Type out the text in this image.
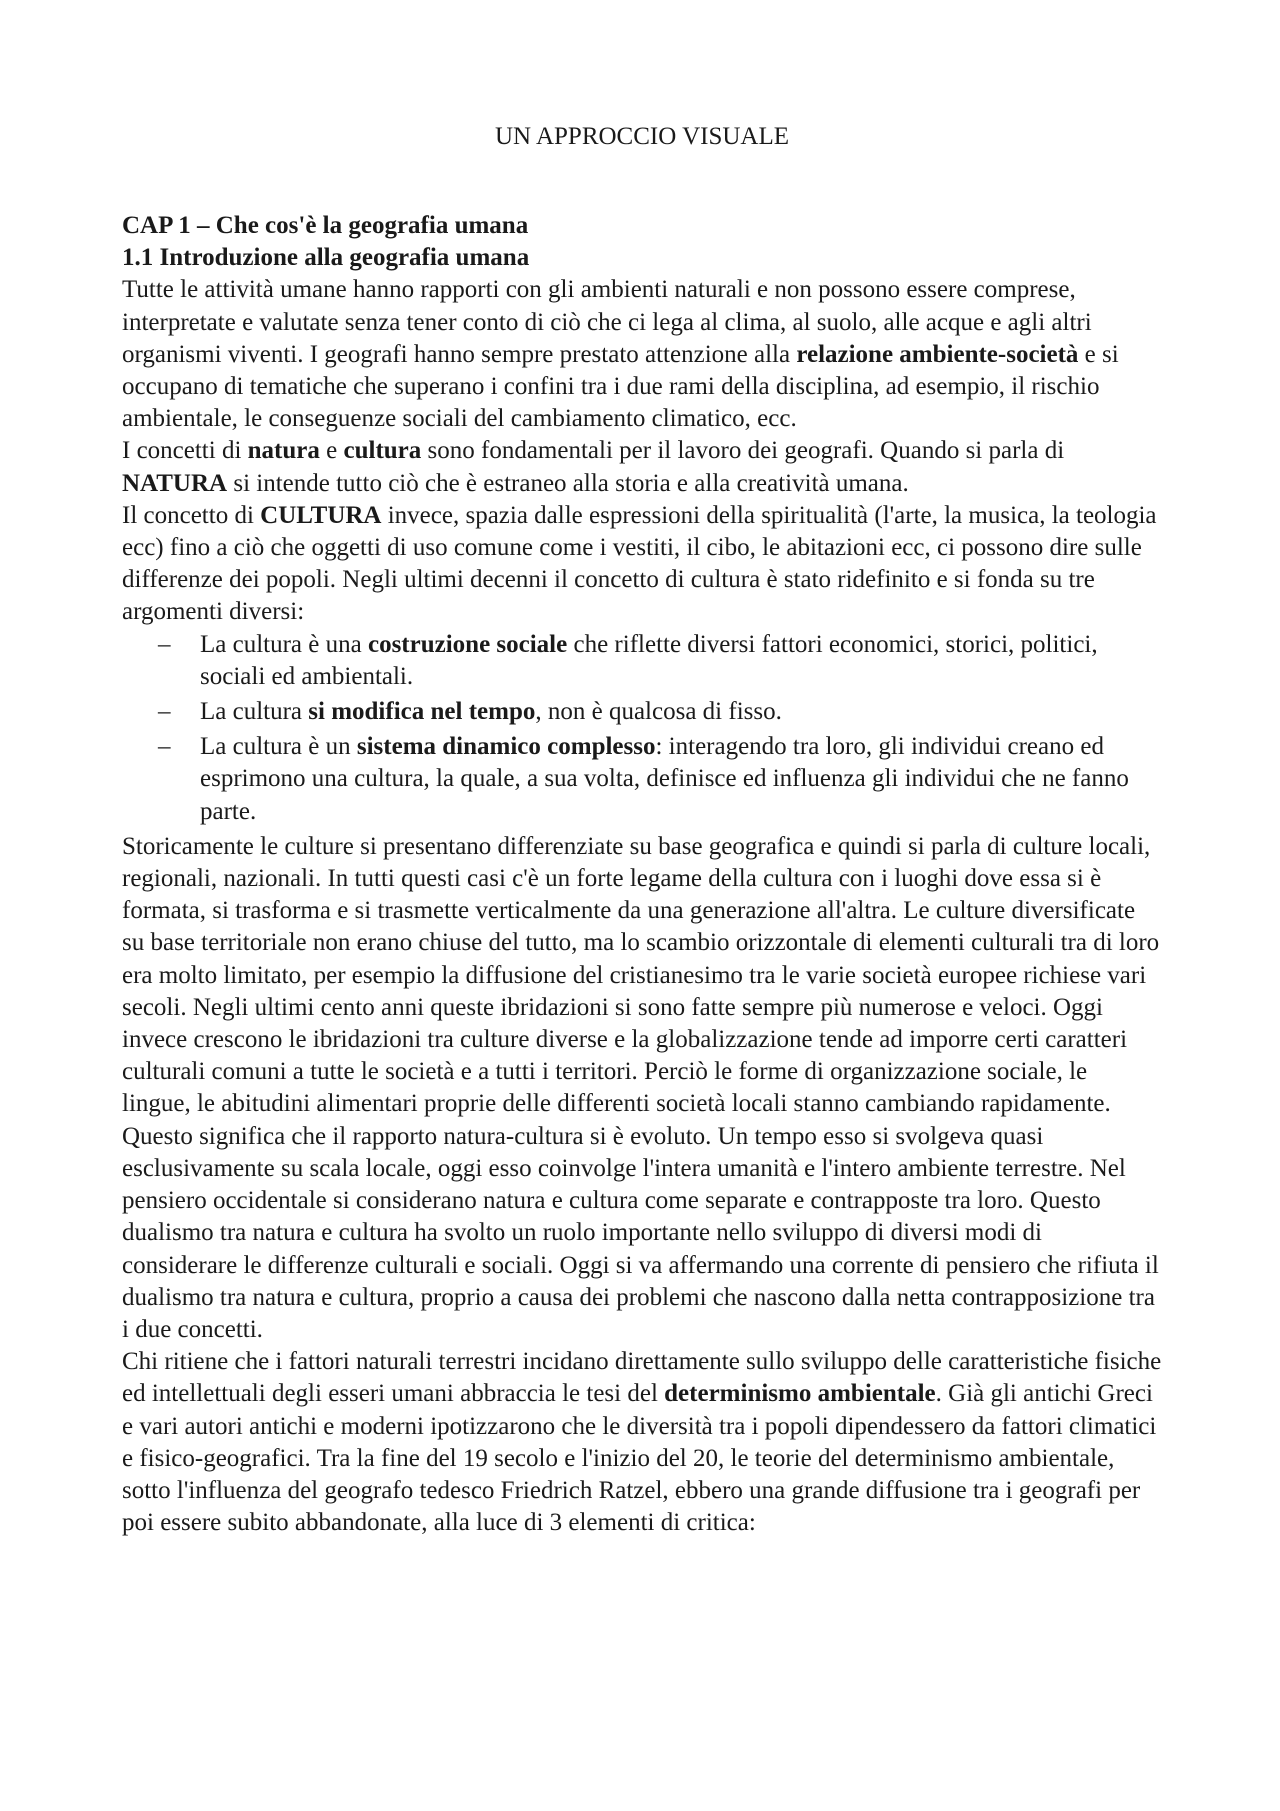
UN APPROCCIO VISUALE
CAP 1 – Che cos'è la geografia umana
1.1 Introduzione alla geografia umana

Tutte le attività umane hanno rapporti con gli ambienti naturali e non possono essere comprese, interpretate e valutate senza tener conto di ciò che ci lega al clima, al suolo, alle acque e agli altri organismi viventi. I geografi hanno sempre prestato attenzione alla relazione ambiente-società e si occupano di tematiche che superano i confini tra i due rami della disciplina, ad esempio, il rischio ambientale, le conseguenze sociali del cambiamento climatico, ecc.

I concetti di natura e cultura sono fondamentali per il lavoro dei geografi. Quando si parla di NATURA si intende tutto ciò che è estraneo alla storia e alla creatività umana.

Il concetto di CULTURA invece, spazia dalle espressioni della spiritualità (l'arte, la musica, la teologia ecc) fino a ciò che oggetti di uso comune come i vestiti, il cibo, le abitazioni ecc, ci possono dire sulle differenze dei popoli. Negli ultimi decenni il concetto di cultura è stato ridefinito e si fonda su tre argomenti diversi:

– La cultura è una costruzione sociale che riflette diversi fattori economici, storici, politici, sociali ed ambientali.
– La cultura si modifica nel tempo, non è qualcosa di fisso.
– La cultura è un sistema dinamico complesso: interagendo tra loro, gli individui creano ed esprimono una cultura, la quale, a sua volta, definisce ed influenza gli individui che ne fanno parte.

Storicamente le culture si presentano differenziate su base geografica e quindi si parla di culture locali, regionali, nazionali. In tutti questi casi c'è un forte legame della cultura con i luoghi dove essa si è formata, si trasforma e si trasmette verticalmente da una generazione all'altra. Le culture diversificate su base territoriale non erano chiuse del tutto, ma lo scambio orizzontale di elementi culturali tra di loro era molto limitato, per esempio la diffusione del cristianesimo tra le varie società europee richiese vari secoli. Negli ultimi cento anni queste ibridazioni si sono fatte sempre più numerose e veloci. Oggi invece crescono le ibridazioni tra culture diverse e la globalizzazione tende ad imporre certi caratteri culturali comuni a tutte le società e a tutti i territori. Perciò le forme di organizzazione sociale, le lingue, le abitudini alimentari proprie delle differenti società locali stanno cambiando rapidamente. Questo significa che il rapporto natura-cultura si è evoluto. Un tempo esso si svolgeva quasi esclusivamente su scala locale, oggi esso coinvolge l'intera umanità e l'intero ambiente terrestre. Nel pensiero occidentale si considerano natura e cultura come separate e contrapposte tra loro. Questo dualismo tra natura e cultura ha svolto un ruolo importante nello sviluppo di diversi modi di considerare le differenze culturali e sociali. Oggi si va affermando una corrente di pensiero che rifiuta il dualismo tra natura e cultura, proprio a causa dei problemi che nascono dalla netta contrapposizione tra i due concetti.

Chi ritiene che i fattori naturali terrestri incidano direttamente sullo sviluppo delle caratteristiche fisiche ed intellettuali degli esseri umani abbraccia le tesi del determinismo ambientale. Già gli antichi Greci e vari autori antichi e moderni ipotizzarono che le diversità tra i popoli dipendessero da fattori climatici e fisico-geografici. Tra la fine del 19 secolo e l'inizio del 20, le teorie del determinismo ambientale, sotto l'influenza del geografo tedesco Friedrich Ratzel, ebbero una grande diffusione tra i geografi per poi essere subito abbandonate, alla luce di 3 elementi di critica:
